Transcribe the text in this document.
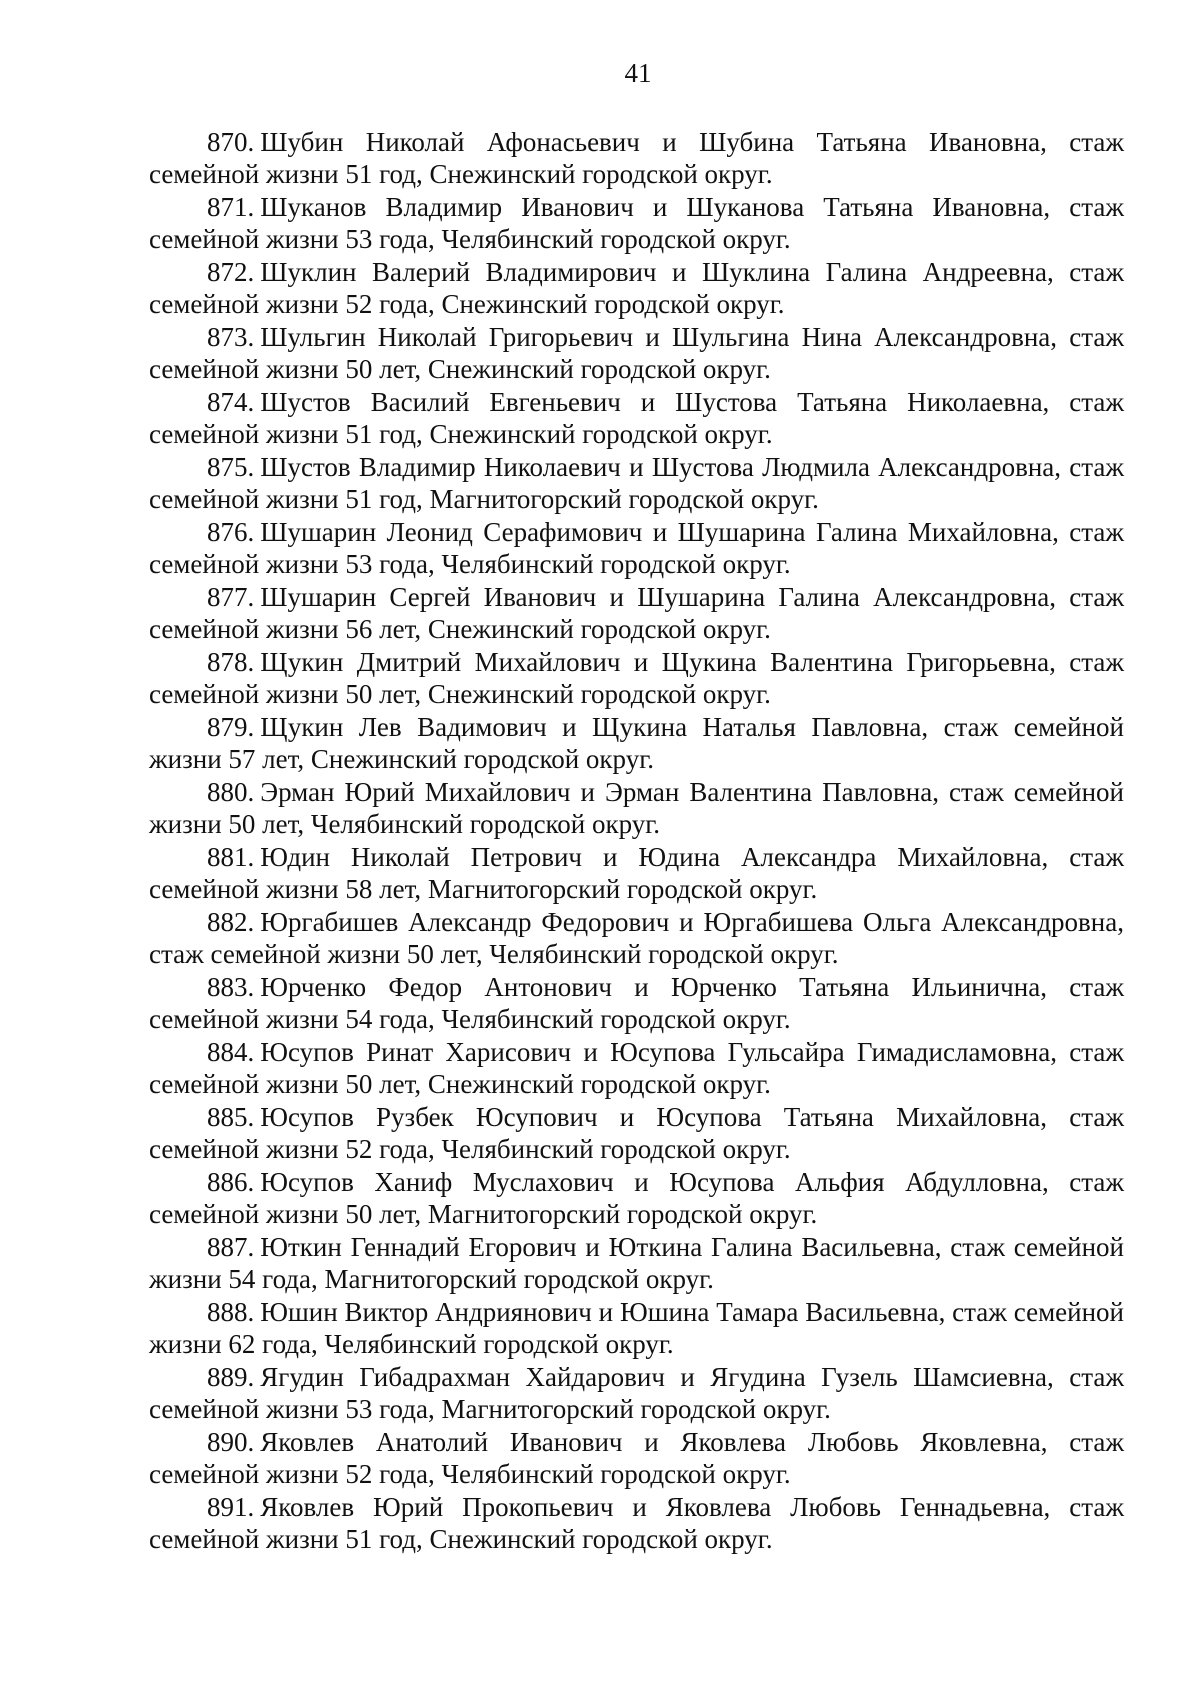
41

870. Шубин Николай Афонасьевич и Шубина Татьяна Ивановна, стаж семейной жизни 51 год, Снежинский городской округ.

871. Шуканов Владимир Иванович и Шуканова Татьяна Ивановна, стаж семейной жизни 53 года, Челябинский городской округ.

872. Шуклин Валерий Владимирович и Шуклина Галина Андреевна, стаж семейной жизни 52 года, Снежинский городской округ.

873. Шульгин Николай Григорьевич и Шульгина Нина Александровна, стаж семейной жизни 50 лет, Снежинский городской округ.

874. Шустов Василий Евгеньевич и Шустова Татьяна Николаевна, стаж семейной жизни 51 год, Снежинский городской округ.

875. Шустов Владимир Николаевич и Шустова Людмила Александровна, стаж семейной жизни 51 год, Магнитогорский городской округ.

876. Шушарин Леонид Серафимович и Шушарина Галина Михайловна, стаж семейной жизни 53 года, Челябинский городской округ.

877. Шушарин Сергей Иванович и Шушарина Галина Александровна, стаж семейной жизни 56 лет, Снежинский городской округ.

878. Щукин Дмитрий Михайлович и Щукина Валентина Григорьевна, стаж семейной жизни 50 лет, Снежинский городской округ.

879. Щукин Лев Вадимович и Щукина Наталья Павловна, стаж семейной жизни 57 лет, Снежинский городской округ.

880. Эрман Юрий Михайлович и Эрман Валентина Павловна, стаж семейной жизни 50 лет, Челябинский городской округ.

881. Юдин Николай Петрович и Юдина Александра Михайловна, стаж семейной жизни 58 лет, Магнитогорский городской округ.

882. Юргабишев Александр Федорович и Юргабишева Ольга Александровна, стаж семейной жизни 50 лет, Челябинский городской округ.

883. Юрченко Федор Антонович и Юрченко Татьяна Ильинична, стаж семейной жизни 54 года, Челябинский городской округ.

884. Юсупов Ринат Харисович и Юсупова Гульсайра Гимадисламовна, стаж семейной жизни 50 лет, Снежинский городской округ.

885. Юсупов Рузбек Юсупович и Юсупова Татьяна Михайловна, стаж семейной жизни 52 года, Челябинский городской округ.

886. Юсупов Ханиф Муслахович и Юсупова Альфия Абдулловна, стаж семейной жизни 50 лет, Магнитогорский городской округ.

887. Юткин Геннадий Егорович и Юткина Галина Васильевна, стаж семейной жизни 54 года, Магнитогорский городской округ.

888. Юшин Виктор Андриянович и Юшина Тамара Васильевна, стаж семейной жизни 62 года, Челябинский городской округ.

889. Ягудин Гибадрахман Хайдарович и Ягудина Гузель Шамсиевна, стаж семейной жизни 53 года, Магнитогорский городской округ.

890. Яковлев Анатолий Иванович и Яковлева Любовь Яковлевна, стаж семейной жизни 52 года, Челябинский городской округ.

891. Яковлев Юрий Прокопьевич и Яковлева Любовь Геннадьевна, стаж семейной жизни 51 год, Снежинский городской округ.
